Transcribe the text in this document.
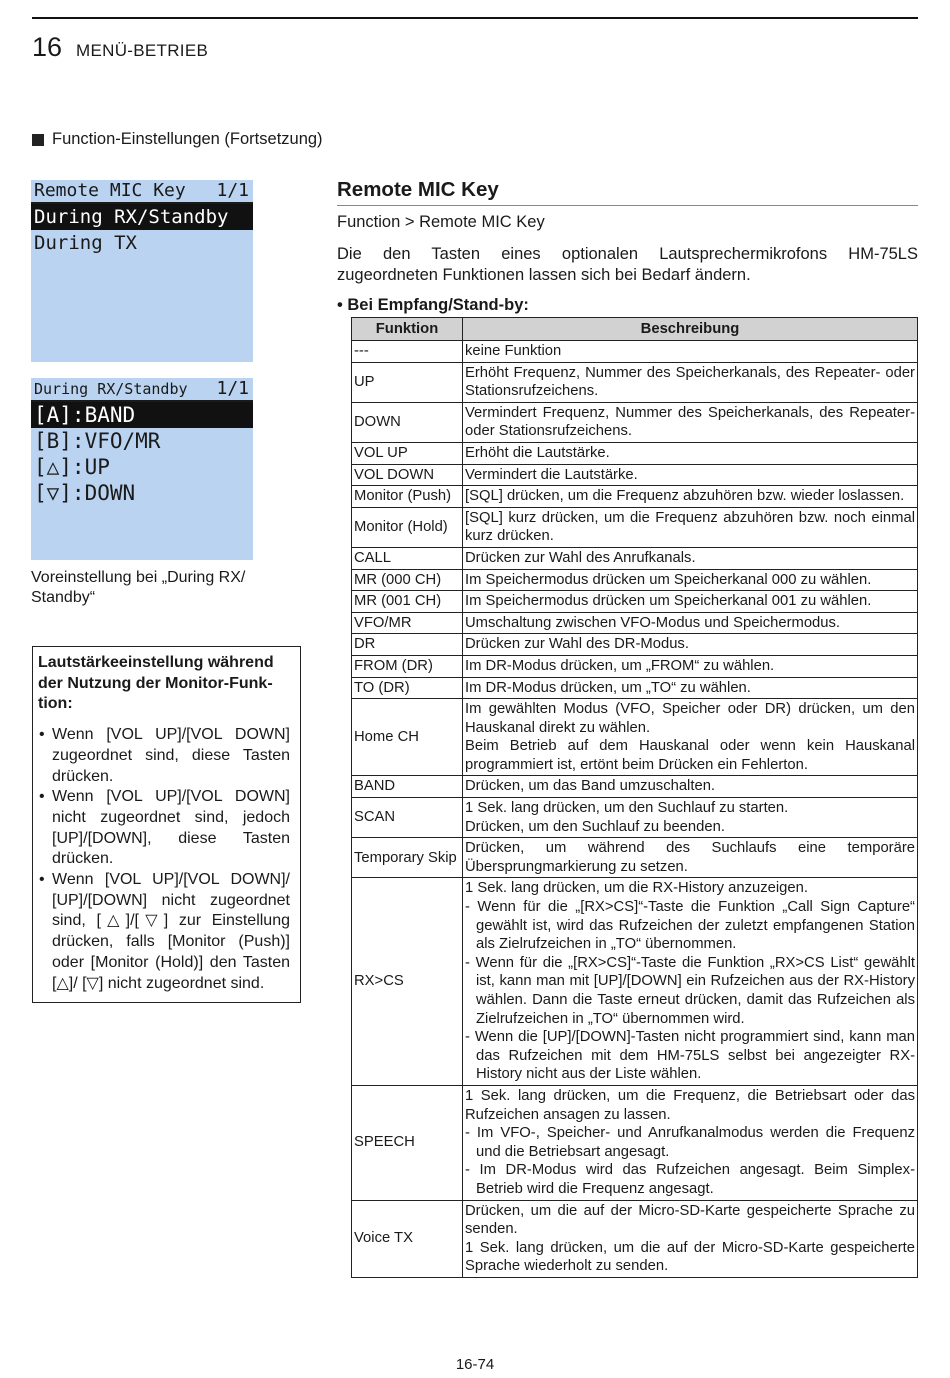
16 MENÜ-BETRIEB
Function-Einstellungen (Fortsetzung)
Remote MIC Key 1/1
During RX/Standby
During TX
During RX/Standby 1/1
[A]:BAND
[B]:VFO/MR
[△]:UP
[▽]:DOWN
Voreinstellung bei „During RX/ Standby“
Lautstärkeeinstellung während der Nutzung der Monitor-Funktion:
• Wenn [VOL UP]/[VOL DOWN] zugeordnet sind, diese Tasten drücken.
• Wenn [VOL UP]/[VOL DOWN] nicht zugeordnet sind, jedoch [UP]/[DOWN], diese Tasten drücken.
• Wenn [VOL UP]/[VOL DOWN]/ [UP]/[DOWN] nicht zugeordnet sind, [△]/[▽] zur Einstellung drücken, falls [Monitor (Push)] oder [Monitor (Hold)] den Tasten [△]/ [▽] nicht zugeordnet sind.
Remote MIC Key
Function > Remote MIC Key
Die den Tasten eines optionalen Lautsprechermikrofons HM-75LS zugeordneten Funktionen lassen sich bei Bedarf ändern.
• Bei Empfang/Stand-by:
Funktion	Beschreibung
---	keine Funktion

UP	Erhöht Frequenz, Nummer des Speicherkanals, des Repeater- oder Stationsrufzeichens.

DOWN	Vermindert Frequenz, Nummer des Speicherkanals, des Repeater- oder Stationsrufzeichens.

VOL UP	Erhöht die Lautstärke.

VOL DOWN	Vermindert die Lautstärke.

Monitor (Push)	[SQL] drücken, um die Frequenz abzuhören bzw. wieder loslassen.

Monitor (Hold)	[SQL] kurz drücken, um die Frequenz abzuhören bzw. noch einmal kurz drücken.

CALL	Drücken zur Wahl des Anrufkanals.

MR (000 CH)	Im Speichermodus drücken um Speicherkanal 000 zu wählen.

MR (001 CH)	Im Speichermodus drücken um Speicherkanal 001 zu wählen.

VFO/MR	Umschaltung zwischen VFO-Modus und Speichermodus.

DR	Drücken zur Wahl des DR-Modus.

FROM (DR)	Im DR-Modus drücken, um „FROM“ zu wählen.

TO (DR)	Im DR-Modus drücken, um „TO“ zu wählen.

Home CH	Im gewählten Modus (VFO, Speicher oder DR) drücken, um den Hauskanal direkt zu wählen.
Beim Betrieb auf dem Hauskanal oder wenn kein Hauskanal programmiert ist, ertönt beim Drücken ein Fehlerton.

BAND	Drücken, um das Band umzuschalten.

SCAN	1 Sek. lang drücken, um den Suchlauf zu starten.
Drücken, um den Suchlauf zu beenden.

Temporary Skip	Drücken, um während des Suchlaufs eine temporäre Übersprungmarkierung zu setzen.

RX>CS	1 Sek. lang drücken, um die RX-History anzuzeigen.
- Wenn für die „[RX>CS]“-Taste die Funktion „Call Sign Capture“ gewählt ist, wird das Rufzeichen der zuletzt empfangenen Station als Zielrufzeichen in „TO“ übernommen.
- Wenn für die „[RX>CS]“-Taste die Funktion „RX>CS List“ gewählt ist, kann man mit [UP]/[DOWN] ein Rufzeichen aus der RX-History wählen. Dann die Taste erneut drücken, damit das Rufzeichen als Zielrufzeichen in „TO“ übernommen wird.
- Wenn die [UP]/[DOWN]-Tasten nicht programmiert sind, kann man das Rufzeichen mit dem HM-75LS selbst bei angezeigter RX-History nicht aus der Liste wählen.

SPEECH	1 Sek. lang drücken, um die Frequenz, die Betriebsart oder das Rufzeichen ansagen zu lassen.
- Im VFO-, Speicher- und Anrufkanalmodus werden die Frequenz und die Betriebsart angesagt.
- Im DR-Modus wird das Rufzeichen angesagt. Beim Simplex-Betrieb wird die Frequenz angesagt.

Voice TX	Drücken, um die auf der Micro-SD-Karte gespeicherte Sprache zu senden.
1 Sek. lang drücken, um die auf der Micro-SD-Karte gespeicherte Sprache wiederholt zu senden.
16-74
